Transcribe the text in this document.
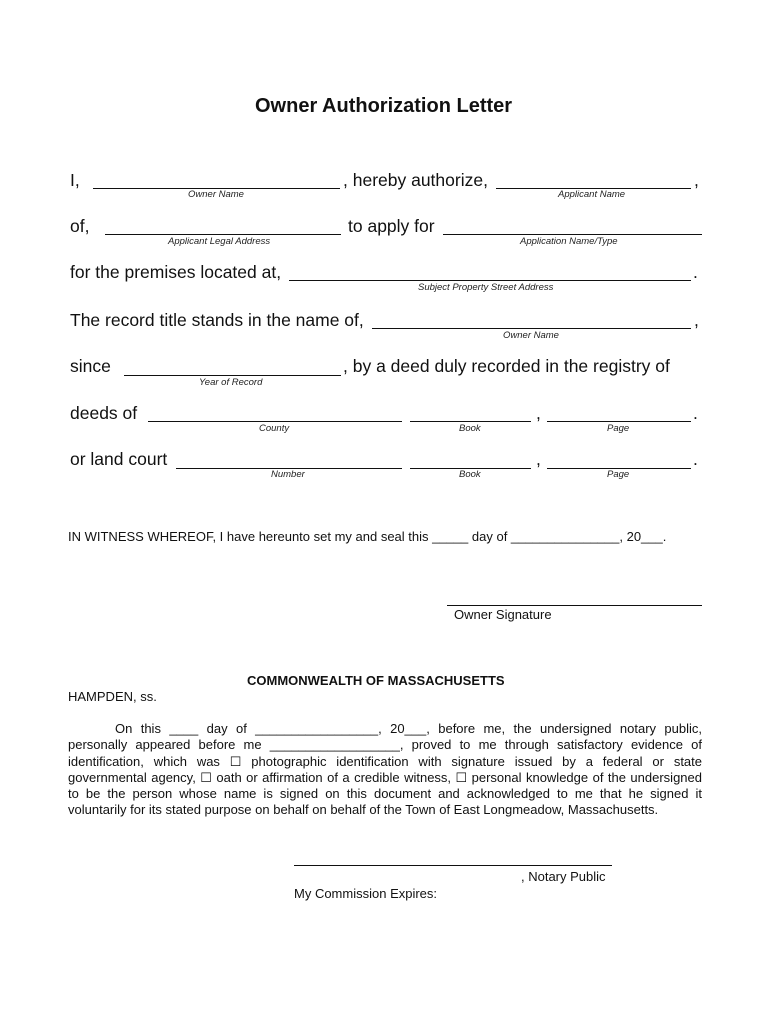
Owner Authorization Letter
I,	, hereby authorize,	,
Owner Name	Applicant Name
of,	to apply for
Applicant Legal Address	Application Name/Type
for the premises located at,	.
Subject Property Street Address
The record title stands in the name of,	,
Owner Name
since	, by a deed duly recorded in the registry of
Year of Record
deeds of	,	.
County	Book	Page
or land court	,	.
Number	Book	Page
IN WITNESS WHEREOF, I have hereunto set my and seal this _____ day of _______________, 20___.
Owner Signature
COMMONWEALTH OF MASSACHUSETTS
HAMPDEN, ss.
On this ____ day of _________________, 20___, before me, the undersigned notary public, personally appeared before me __________________, proved to me through satisfactory evidence of identification, which was ☐ photographic identification with signature issued by a federal or state governmental agency, ☐ oath or affirmation of a credible witness, ☐ personal knowledge of the undersigned to be the person whose name is signed on this document and acknowledged to me that he signed it voluntarily for its stated purpose on behalf on behalf of the Town of East Longmeadow, Massachusetts.
, Notary Public
My Commission Expires:
